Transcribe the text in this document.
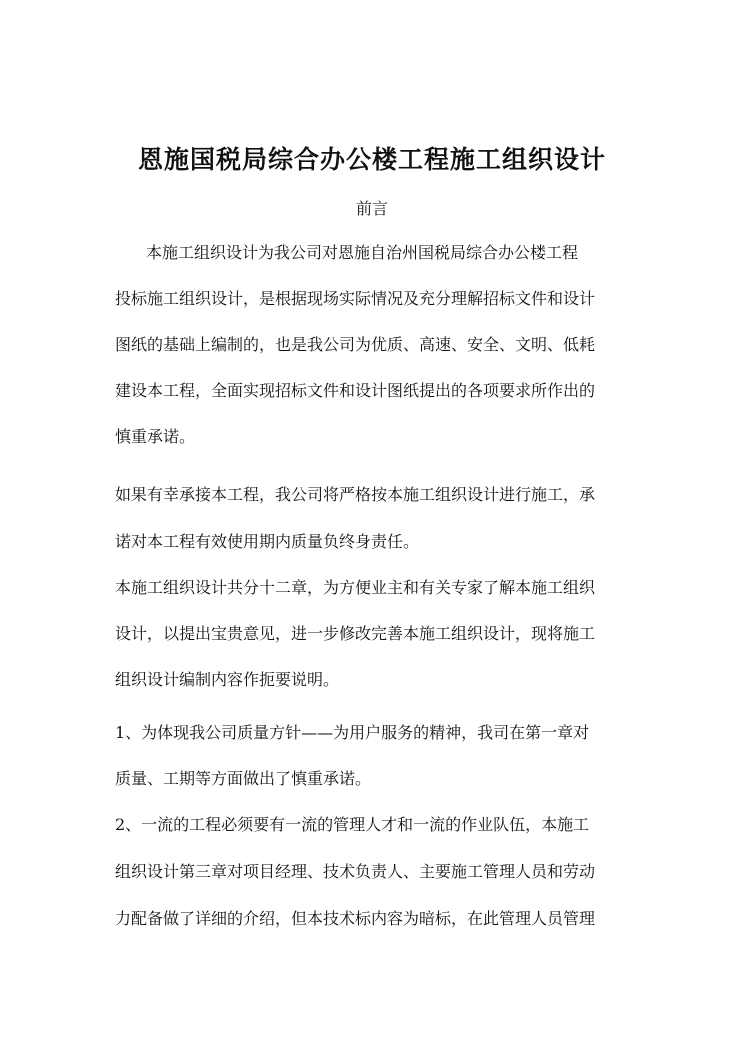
恩施国税局综合办公楼工程施工组织设计
前言
本施工组织设计为我公司对恩施自治州国税局综合办公楼工程
投标施工组织设计，是根据现场实际情况及充分理解招标文件和设计
图纸的基础上编制的，也是我公司为优质、高速、安全、文明、低耗
建设本工程，全面实现招标文件和设计图纸提出的各项要求所作出的
慎重承诺。
如果有幸承接本工程，我公司将严格按本施工组织设计进行施工，承
诺对本工程有效使用期内质量负终身责任。
本施工组织设计共分十二章，为方便业主和有关专家了解本施工组织
设计，以提出宝贵意见，进一步修改完善本施工组织设计，现将施工
组织设计编制内容作扼要说明。
1、为体现我公司质量方针——为用户服务的精神，我司在第一章对
质量、工期等方面做出了慎重承诺。
2、一流的工程必须要有一流的管理人才和一流的作业队伍，本施工
组织设计第三章对项目经理、技术负责人、主要施工管理人员和劳动
力配备做了详细的介绍，但本技术标内容为暗标，在此管理人员管理
